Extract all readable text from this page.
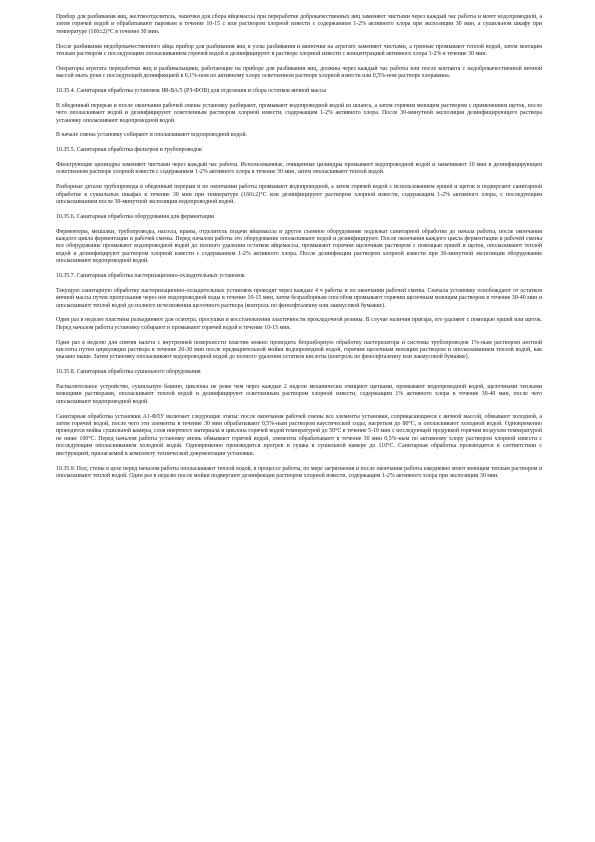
Прибор для разбивания яиц, желткоотделитель, чашечки для сбора яйцемассы при переработке доброкачественных яиц заменяют чистыми через каждый час работы и моют водопроводной, а затем горячей водой и обрабатывают паровым в течение 10-15 с или раствором хлорной извести с содержанием 1-2% активного хлора при экспозиции 30 мин, а сушильном шкафу при температуре (160±2)°С в течение 30 мин.

После разбивания недоброкачественного яйца прибор для разбивания яиц и узлы разбивания и ванночки на агрегате заменяют чистыми, а грязные промывают теплой водой, затем моющим теплым раствором с последующим ополаскиванием горячей водой и дезинфицируют в растворе хлорной извести с концентрацией активного хлора 1-2% в течение 30 мин.

Операторы агрегата переработки яиц и разбивальщики, работающие на приборе для разбивания яиц, должны через каждый час работы или после контакта с недоброкачественной яичной массой мыть руки с последующей дезинфекцией в 0,1%-ном по активному хлору осветленном растворе хлорной извести или 0,5%-ном растворе хлорамина.

10.35.4. Санитарная обработка установок Я8-ВА/5 (РЗ-ФОВ) для отделения и сбора остатков яичной массы

В обеденный перерыв и после окончания рабочей смены установку разбирают, промывают водопроводной водой из шланга, а затем горячим моющим раствором с применением щеток, после чего ополаскивают водой и дезинфицируют осветленным раствором хлорной извести, содержащим 1-2% активного хлора. После 30-минутной экспозиции дезинфицирующего раствора установку ополаскивают водопроводной водой.

В начале смены установку собирают и ополаскивают водопроводной водой.

10.35.5. Санитарная обработка фильтров и трубопроводов

Фильтрующие цилиндры заменяют чистыми через каждый час работы. Использованные, очищенные цилиндры промывают водопроводной водой и замачивают 10 мин в дезинфицирующем осветленном растворе хлорной извести с содержанием 1-2% активного хлора в течение 30 мин, затем ополаскивают теплой водой.

Разборные детали трубопровода в обеденный перерыв и по окончании работы промывают водопроводной, а затем горячей водой с использованием ершей и щеток и подвергают санитарной обработке в сушильных шкафах в течение 30 мин при температуре (160±2)°С или дезинфицируют раствором хлорной извести, содержащим 1-2% активного хлора, с последующим ополаскиванием после 30-минутной экспозиции водопроводной водой.

10.35.6. Санитарная обработка оборудования для ферментации

Ферментеры, мешалки, трубопроводы, насосы, краны, отделитель подачи яйцемассы и другое съемное оборудование подлежат санитарной обработке до начала работы, после окончания каждого цикла ферментации и рабочей смены. Перед началом работы это оборудование ополаскивают водой и дезинфицируют. После окончания каждого цикла ферментации и рабочей смены все оборудование промывают водопроводной водой до полного удаления остатков яйцемассы, промывают горячим щелочным раствором с помощью ершей и щеток, ополаскивают теплой водой и дезинфицируют раствором хлорной извести с содержанием 1-2% активного хлора. После дезинфекции раствором хлорной извести при 30-минутной экспозиции оборудование ополаскивают водопроводной водой.

10.35.7. Санитарная обработка пастеризационно-охладительных установок

Текущую санитарную обработку пастеризационно-охладительных установок проводят через каждые 4 ч работы и по окончании рабочей смены. Сначала установку освобождают от остатков яичной массы путем пропускания через нее водопроводной воды в течение 10-15 мин, затем безразборным способом промывают горячим щелочным моющим раствором в течение 30-40 мин и ополаскивают теплой водой до полного исчезновения щелочного раствора (контроль по фенолфталеину или лакмусовой бумажке).

Один раз в неделю пластины разъединяют для осмотра, просушки и восстановления эластичности прокладочной резины. В случае наличия пригара, его удаляют с помощью ершей или щеток. Перед началом работы установку собирают и промывают горячей водой в течение 10-15 мин.

Один раз в неделю для снятия налета с внутренней поверхности пластин можно проводить безразборную обработку пастеризатора и системы трубопроводов 1%-ным раствором азотной кислоты путем циркуляции раствора в течение 20-30 мин после предварительной мойки водопроводной водой, горячим щелочным моющим раствором и ополаскиванием теплой водой, как указано выше. Затем установку ополаскивают водопроводной водой до полного удаления остатков кислоты (контроль по фенолфталеину или лакмусовой бумажке).

10.35.8. Санитарная обработка сушильного оборудования

Распылительное устройство, сушильную башню, циклоны не реже чем через каждые 2 недели механически очищают щетками, промывают водопроводной водой, щелочными теплыми моющими растворами, ополаскивают теплой водой и дезинфицируют осветленным раствором хлорной извести, содержащим 1% активного хлора в течение 30-40 мин, после чего ополаскивают водопроводной водой.

Санитарная обработка установки А1-ФЛУ включает следующие этапы: после окончания рабочей смены все элементы установки, соприкасающиеся с яичной массой, обмывают холодной, а затем горячей водой, после чего эти элементы в течение 30 мин обрабатывают 0,5%-ным раствором каустической соды, нагретым до 80°С, и ополаскивают холодной водой. Одновременно проводится мойка сушильной камеры, слоя инертного материала и циклона горячей водой температурой до 50°С в течение 5-10 мин с последующей продувкой горячим воздухом температурой не ниже 100°С. Перед началом работы установку вновь обмывают горячей водой, элементы обрабатывают в течение 30 мин 0,5%-ным по активному хлору раствором хлорной извести с последующим ополаскиванием холодной водой. Одновременно производится прогрев и сушка в сушильной камере до 110°С. Санитарная обработка производится в соответствии с инструкцией, прилагаемой к комплекту технической документации установки.

10.35.9. Пол, стены в цехе перед началом работы ополаскивают теплой водой, в процессе работы, по мере загрязнения и после окончания работы ежедневно моют моющим теплым раствором и ополаскивают теплой водой. Один раз в неделю после мойки подвергают дезинфекции раствором хлорной извести, содержащим 1-2% активного хлора при экспозиции 30 мин.
